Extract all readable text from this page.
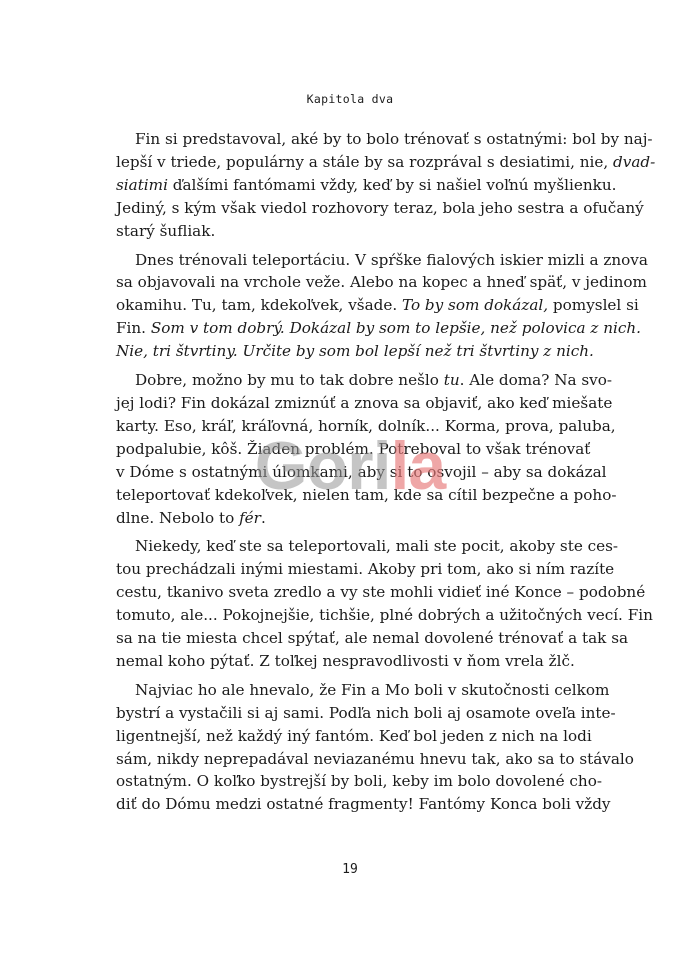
Kapitola dva
Fin si predstavoval, aké by to bolo trénovať s ostatnými: bol by naj-
lepší v triede, populárny a stále by sa rozprával s desiatimi, nie, dvad-
siatimi ďalšími fantómami vždy, keď by si našiel voľnú myšlienku.
Jediný, s kým však viedol rozhovory teraz, bola jeho sestra a ofučaný
starý šufliak.
Dnes trénovali teleportáciu. V spŕške fialových iskier mizli a znova
sa objavovali na vrchole veže. Alebo na kopec a hneď späť, v jedinom
okamihu. Tu, tam, kdekoľvek, všade. To by som dokázal, pomyslel si
Fin. Som v tom dobrý. Dokázal by som to lepšie, než polovica z nich.
Nie, tri štvrtiny. Určite by som bol lepší než tri štvrtiny z nich.
Dobre, možno by mu to tak dobre nešlo tu. Ale doma? Na svo-
jej lodi? Fin dokázal zmiznúť a znova sa objaviť, ako keď miešate
karty. Eso, kráľ, kráľovná, horník, dolník... Korma, prova, paluba,
podpalubie, kôš. Žiaden problém. Potreboval to však trénovať
v Dóme s ostatnými úlomkami, aby si to osvojil – aby sa dokázal
teleportovať kdekoľvek, nielen tam, kde sa cítil bezpečne a poho-
dlne. Nebolo to fér.
Niekedy, keď ste sa teleportovali, mali ste pocit, akoby ste ces-
tou prechádzali inými miestami. Akoby pri tom, ako si ním razíte
cestu, tkanivo sveta zredlo a vy ste mohli vidieť iné Konce – podobné
tomuto, ale... Pokojnejšie, tichšie, plné dobrých a užitočných vecí. Fin
sa na tie miesta chcel spýtať, ale nemal dovolené trénovať a tak sa
nemal koho pýtať. Z toľkej nespravodlivosti v ňom vrela žlč.
Najviac ho ale hnevalo, že Fin a Mo boli v skutočnosti celkom
bystrí a vystačili si aj sami. Podľa nich boli aj osamote oveľa inte-
ligentnejší, než každý iný fantóm. Keď bol jeden z nich na lodi
sám, nikdy neprepadával neviazanému hnevu tak, ako sa to stávalo
ostatným. O koľko bystrejší by boli, keby im bolo dovolené cho-
diť do Dómu medzi ostatné fragmenty! Fantómy Konca boli vždy
Gorila
19
